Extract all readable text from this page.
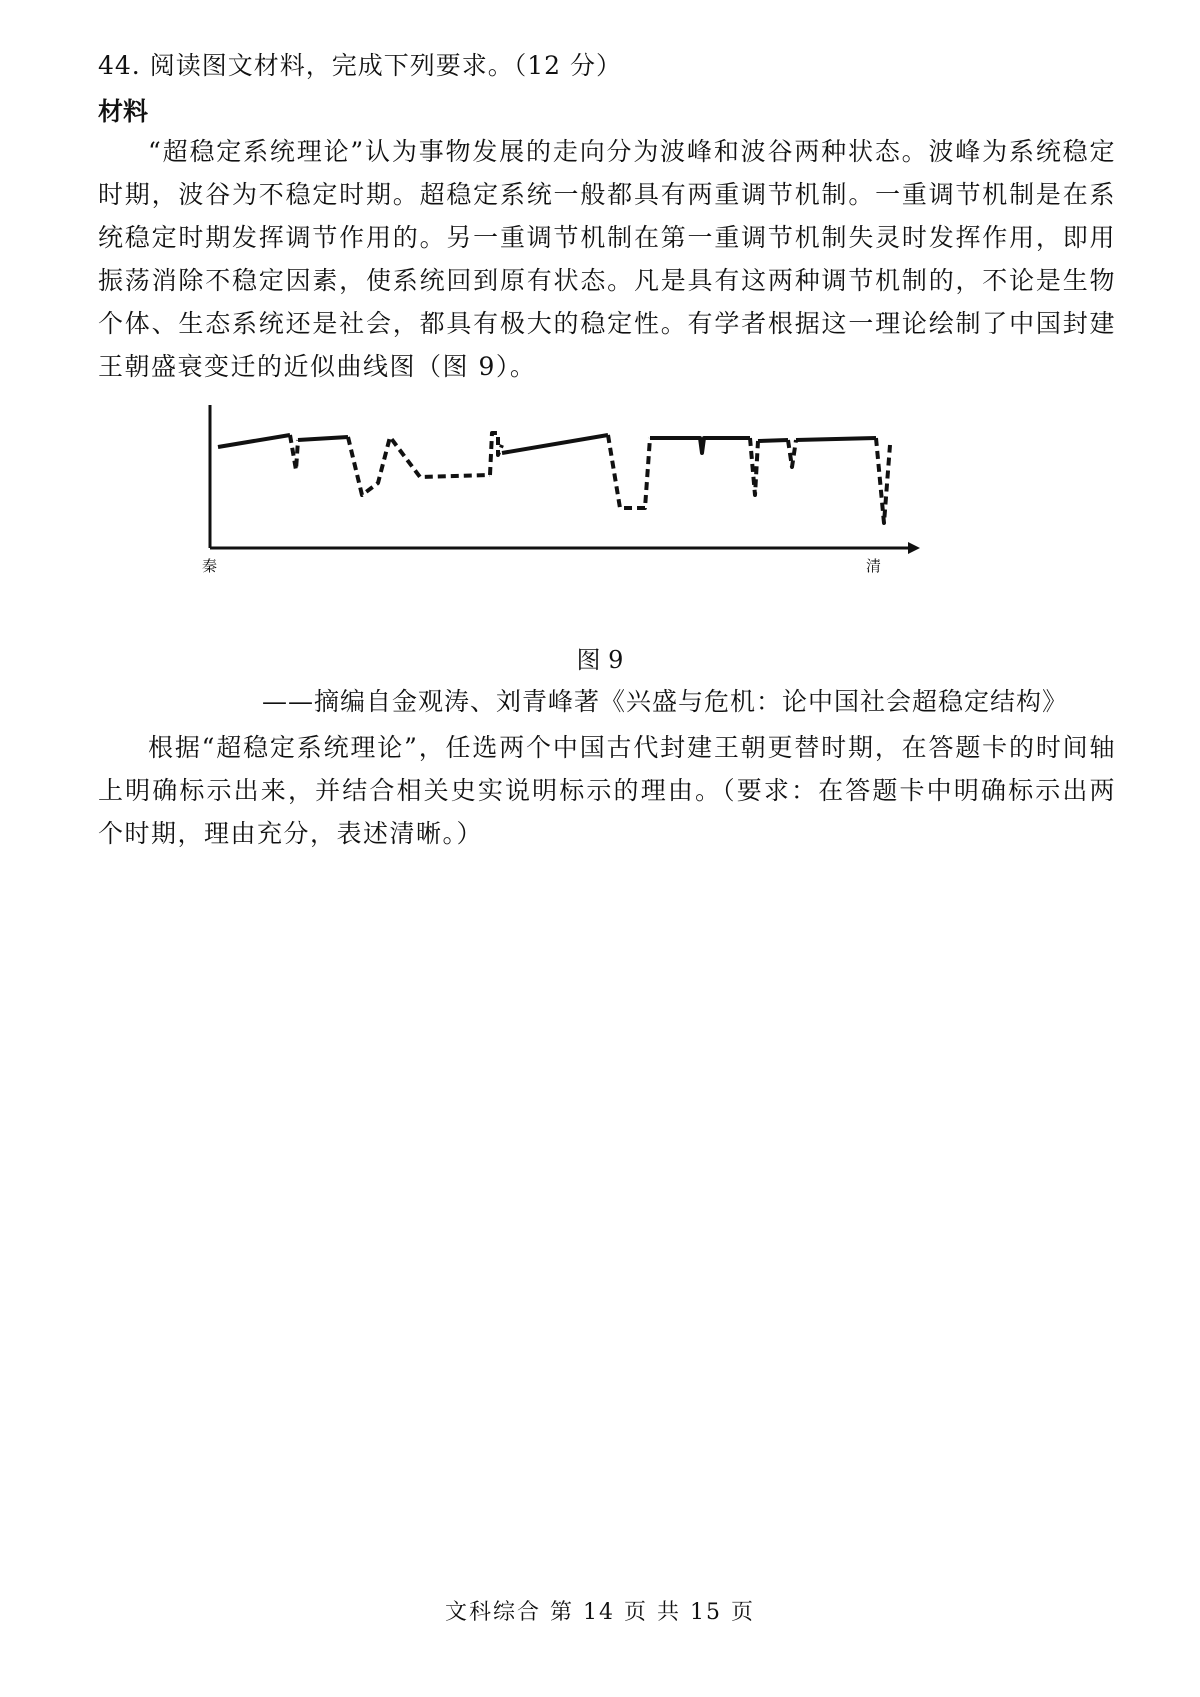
44. 阅读图文材料，完成下列要求。（12 分）
材料
“超稳定系统理论”认为事物发展的走向分为波峰和波谷两种状态。波峰为系统稳定时期，波谷为不稳定时期。超稳定系统一般都具有两重调节机制。一重调节机制是在系统稳定时期发挥调节作用的。另一重调节机制在第一重调节机制失灵时发挥作用，即用振荡消除不稳定因素，使系统回到原有状态。凡是具有这两种调节机制的，不论是生物个体、生态系统还是社会，都具有极大的稳定性。有学者根据这一理论绘制了中国封建王朝盛衰变迁的近似曲线图（图 9）。
秦	清
图 9
——摘编自金观涛、刘青峰著《兴盛与危机：论中国社会超稳定结构》
根据“超稳定系统理论”，任选两个中国古代封建王朝更替时期，在答题卡的时间轴上明确标示出来，并结合相关史实说明标示的理由。（要求：在答题卡中明确标示出两个时期，理由充分，表述清晰。）
文科综合 第 14 页 共 15 页
